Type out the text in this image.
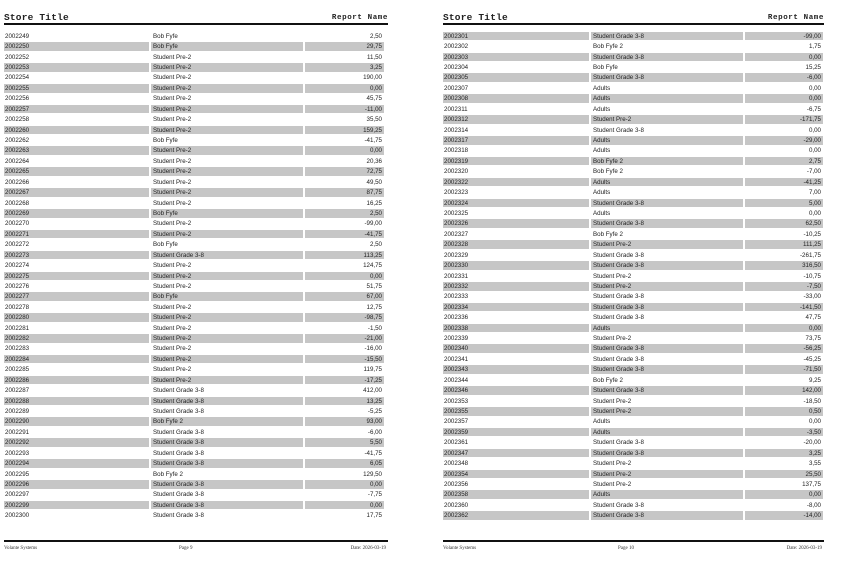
Store Title	Report Name
2002249	Bob Fyfe	2,50
2002250	Bob Fyfe	29,75
2002252	Student Pre-2	11,50
2002253	Student Pre-2	3,25
2002254	Student Pre-2	190,00
2002255	Student Pre-2	0,00
2002256	Student Pre-2	45,75
2002257	Student Pre-2	-11,00
2002258	Student Pre-2	35,50
2002260	Student Pre-2	159,25
2002262	Bob Fyfe	-41,75
2002263	Student Pre-2	0,00
2002264	Student Pre-2	20,36
2002265	Student Pre-2	72,75
2002266	Student Pre-2	49,50
2002267	Student Pre-2	87,75
2002268	Student Pre-2	16,25
2002269	Bob Fyfe	2,50
2002270	Student Pre-2	-99,00
2002271	Student Pre-2	-41,75
2002272	Bob Fyfe	2,50
2002273	Student Grade 3-8	113,25
2002274	Student Pre-2	124,75
2002275	Student Pre-2	0,00
2002276	Student Pre-2	51,75
2002277	Bob Fyfe	67,00
2002278	Student Pre-2	12,75
2002280	Student Pre-2	-98,75
2002281	Student Pre-2	-1,50
2002282	Student Pre-2	-21,00
2002283	Student Pre-2	-16,00
2002284	Student Pre-2	-15,50
2002285	Student Pre-2	119,75
2002286	Student Pre-2	-17,25
2002287	Student Grade 3-8	412,00
2002288	Student Grade 3-8	13,25
2002289	Student Grade 3-8	-5,25
2002290	Bob Fyfe 2	93,00
2002291	Student Grade 3-8	-6,00
2002292	Student Grade 3-8	5,50
2002293	Student Grade 3-8	-41,75
2002294	Student Grade 3-8	6,05
2002295	Bob Fyfe 2	129,50
2002296	Student Grade 3-8	0,00
2002297	Student Grade 3-8	-7,75
2002299	Student Grade 3-8	0,00
2002300	Student Grade 3-8	17,75
Volante Systems	Page 9	Date: 2026-03-19
Store Title	Report Name
2002301	Student Grade 3-8	-99,00
2002302	Bob Fyfe 2	1,75
2002303	Student Grade 3-8	0,00
2002304	Bob Fyfe	15,25
2002305	Student Grade 3-8	-6,00
2002307	Adults	0,00
2002308	Adults	0,00
2002311	Adults	-6,75
2002312	Student Pre-2	-171,75
2002314	Student Grade 3-8	0,00
2002317	Adults	-29,00
2002318	Adults	0,00
2002319	Bob Fyfe 2	2,75
2002320	Bob Fyfe 2	-7,00
2002322	Adults	-41,25
2002323	Adults	7,00
2002324	Student Grade 3-8	5,00
2002325	Adults	0,00
2002326	Student Grade 3-8	62,50
2002327	Bob Fyfe 2	-10,25
2002328	Student Pre-2	111,25
2002329	Student Grade 3-8	-261,75
2002330	Student Grade 3-8	316,50
2002331	Student Pre-2	-10,75
2002332	Student Pre-2	-7,50
2002333	Student Grade 3-8	-33,00
2002334	Student Grade 3-8	-141,50
2002336	Student Grade 3-8	47,75
2002338	Adults	0,00
2002339	Student Pre-2	73,75
2002340	Student Grade 3-8	-56,25
2002341	Student Grade 3-8	-45,25
2002343	Student Grade 3-8	-71,50
2002344	Bob Fyfe 2	9,25
2002346	Student Grade 3-8	142,00
2002353	Student Pre-2	-18,50
2002355	Student Pre-2	0,50
2002357	Adults	0,00
2002359	Adults	-3,50
2002361	Student Grade 3-8	-20,00
2002347	Student Grade 3-8	3,25
2002348	Student Pre-2	3,55
2002354	Student Pre-2	25,50
2002356	Student Pre-2	137,75
2002358	Adults	0,00
2002360	Student Grade 3-8	-8,00
2002362	Student Grade 3-8	-14,00
Volante Systems	Page 10	Date: 2026-03-19
